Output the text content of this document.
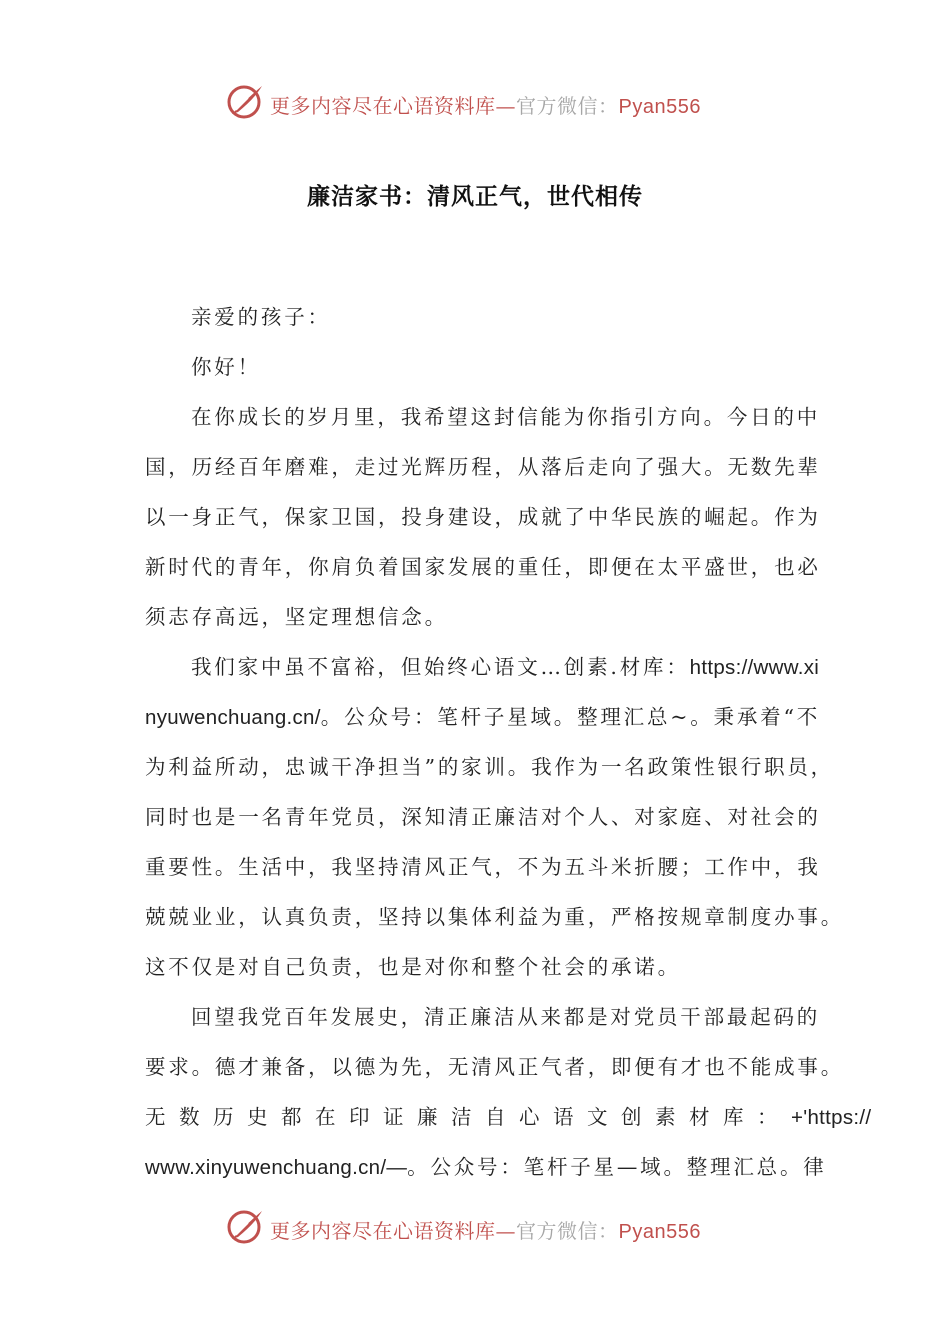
更多内容尽在心语资料库—官方微信：Pyan556
廉洁家书：清风正气，世代相传
亲爱的孩子：
你好！
在你成长的岁月里，我希望这封信能为你指引方向。今日的中
国，历经百年磨难，走过光辉历程，从落后走向了强大。无数先辈
以一身正气，保家卫国，投身建设，成就了中华民族的崛起。作为
新时代的青年，你肩负着国家发展的重任，即便在太平盛世，也必
须志存高远，坚定理想信念。
我们家中虽不富裕，但始终心语文…创素.材库：https://www.xi
nyuwenchuang.cn/。公众号：笔杆子星域。整理汇总~。秉承着“不
为利益所动，忠诚干净担当”的家训。我作为一名政策性银行职员，
同时也是一名青年党员，深知清正廉洁对个人、对家庭、对社会的
重要性。生活中，我坚持清风正气，不为五斗米折腰；工作中，我
兢兢业业，认真负责，坚持以集体利益为重，严格按规章制度办事。
这不仅是对自己负责，也是对你和整个社会的承诺。
回望我党百年发展史，清正廉洁从来都是对党员干部最起码的
要求。德才兼备，以德为先，无清风正气者，即便有才也不能成事。
无数历史都在印证廉洁自心语文创素材库：+'https://
www.xinyuwenchuang.cn/—。公众号：笔杆子星—域。整理汇总。律
更多内容尽在心语资料库—官方微信：Pyan556
